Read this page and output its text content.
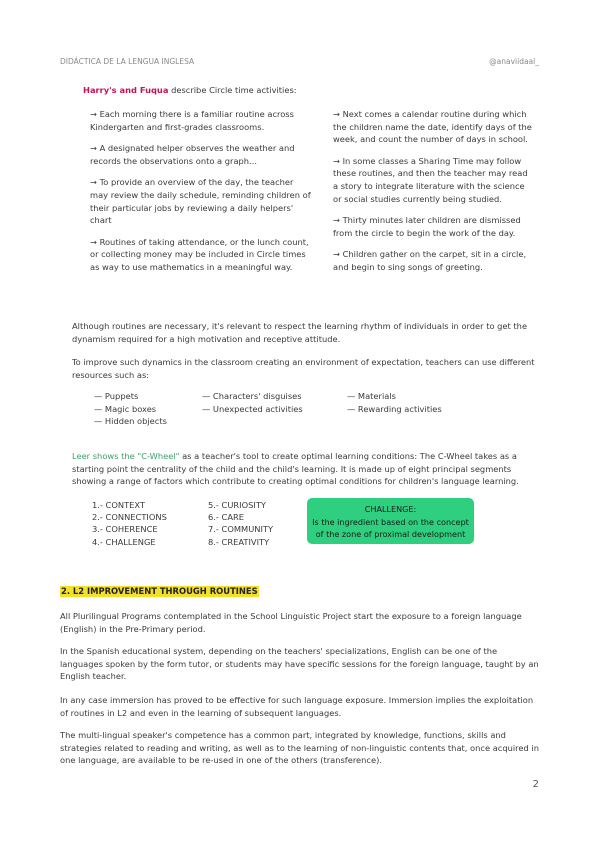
DIDÁCTICA DE LA LENGUA INGLESA	@anaviidaal_
Harry's and Fuqua describe Circle time activities:
→ Each morning there is a familiar routine across Kindergarten and first-grades classrooms.
→ A designated helper observes the weather and records the observations onto a graph...
→ To provide an overview of the day, the teacher may review the daily schedule, reminding children of their particular jobs by reviewing a daily helpers' chart
→ Routines of taking attendance, or the lunch count, or collecting money may be included in Circle times as way to use mathematics in a meaningful way.
→ Next comes a calendar routine during which the children name the date, identify days of the week, and count the number of days in school.
→ In some classes a Sharing Time may follow these routines, and then the teacher may read a story to integrate literature with the science or social studies currently being studied.
→ Thirty minutes later children are dismissed from the circle to begin the work of the day.
→ Children gather on the carpet, sit in a circle, and begin to sing songs of greeting.
Although routines are necessary, it's relevant to respect the learning rhythm of individuals in order to get the dynamism required for a high motivation and receptive attitude.
To improve such dynamics in the classroom creating an environment of expectation, teachers can use different resources such as:
— Puppets
— Magic boxes
— Hidden objects
— Characters' disguises
— Unexpected activities
— Materials
— Rewarding activities
Leer shows the "C-Wheel" as a teacher's tool to create optimal learning conditions: The C-Wheel takes as a starting point the centrality of the child and the child's learning. It is made up of eight principal segments showing a range of factors which contribute to creating optimal conditions for children's language learning.
1.- CONTEXT
2.- CONNECTIONS
3.- COHERENCE
4.- CHALLENGE
5.- CURIOSITY
6.- CARE
7.- COMMUNITY
8.- CREATIVITY
CHALLENGE:
Is the ingredient based on the concept
of the zone of proximal development
2. L2 IMPROVEMENT THROUGH ROUTINES
All Plurilingual Programs contemplated in the School Linguistic Project start the exposure to a foreign language (English) in the Pre-Primary period.
In the Spanish educational system, depending on the teachers' specializations, English can be one of the languages spoken by the form tutor, or students may have specific sessions for the foreign language, taught by an English teacher.
In any case immersion has proved to be effective for such language exposure. Immersion implies the exploitation of routines in L2 and even in the learning of subsequent languages.
The multi-lingual speaker's competence has a common part, integrated by knowledge, functions, skills and strategies related to reading and writing, as well as to the learning of non-linguistic contents that, once acquired in one language, are available to be re-used in one of the others (transference).
2
